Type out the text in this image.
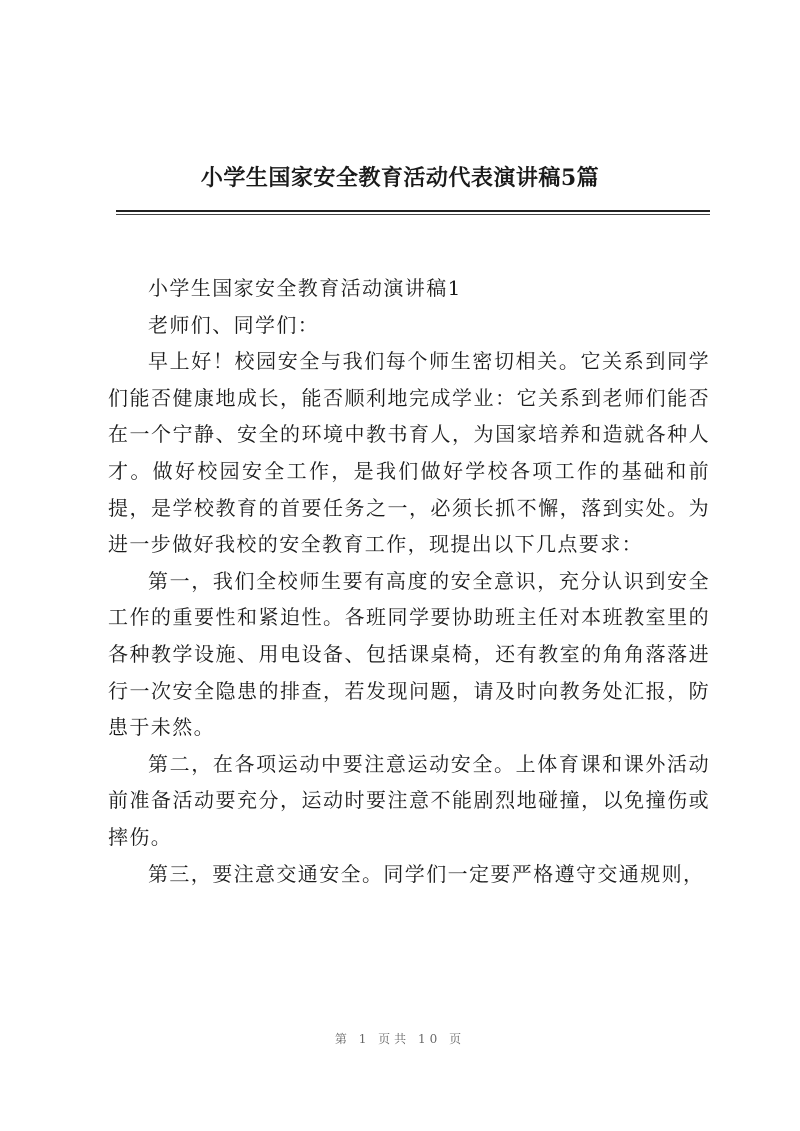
小学生国家安全教育活动代表演讲稿5篇

小学生国家安全教育活动演讲稿1

老师们、同学们：

早上好！校园安全与我们每个师生密切相关。它关系到同学们能否健康地成长，能否顺利地完成学业：它关系到老师们能否在一个宁静、安全的环境中教书育人，为国家培养和造就各种人才。做好校园安全工作，是我们做好学校各项工作的基础和前提，是学校教育的首要任务之一，必须长抓不懈，落到实处。为进一步做好我校的安全教育工作，现提出以下几点要求：

第一，我们全校师生要有高度的安全意识，充分认识到安全工作的重要性和紧迫性。各班同学要协助班主任对本班教室里的各种教学设施、用电设备、包括课桌椅，还有教室的角角落落进行一次安全隐患的排查，若发现问题，请及时向教务处汇报，防患于未然。

第二，在各项运动中要注意运动安全。上体育课和课外活动前准备活动要充分，运动时要注意不能剧烈地碰撞，以免撞伤或摔伤。

第三，要注意交通安全。同学们一定要严格遵守交通规则，

第 1 页共 10 页
